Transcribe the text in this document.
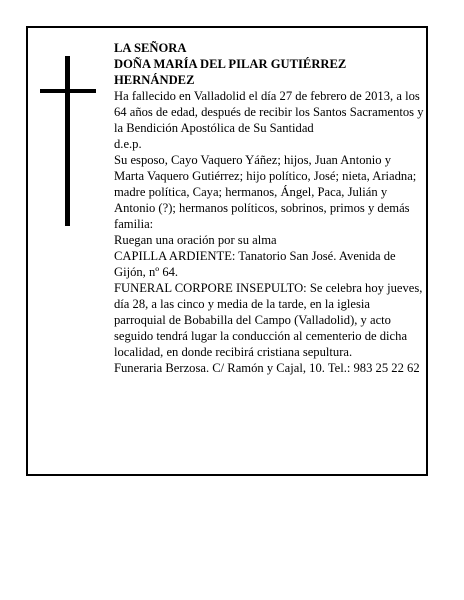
LA SEÑORA

DOÑA MARÍA DEL PILAR GUTIÉRREZ HERNÁNDEZ

Ha fallecido en Valladolid el día 27 de febrero de 2013, a los 64 años de edad, después de recibir los Santos Sacramentos y la Bendición Apostólica de Su Santidad

d.e.p.

Su esposo, Cayo Vaquero Yáñez; hijos, Juan Antonio y Marta Vaquero Gutiérrez; hijo político, José; nieta, Ariadna; madre política, Caya; hermanos, Ángel, Paca, Julián y Antonio (?); hermanos políticos, sobrinos, primos y demás familia:

Ruegan una oración por su alma

CAPILLA ARDIENTE: Tanatorio San José. Avenida de Gijón, nº 64.

FUNERAL CORPORE INSEPULTO: Se celebra hoy jueves, día 28, a las cinco y media de la tarde, en la iglesia parroquial de Bobabilla del Campo (Valladolid), y acto seguido tendrá lugar la conducción al cementerio de dicha localidad, en donde recibirá cristiana sepultura.

Funeraria Berzosa. C/ Ramón y Cajal, 10. Tel.: 983 25 22 62
